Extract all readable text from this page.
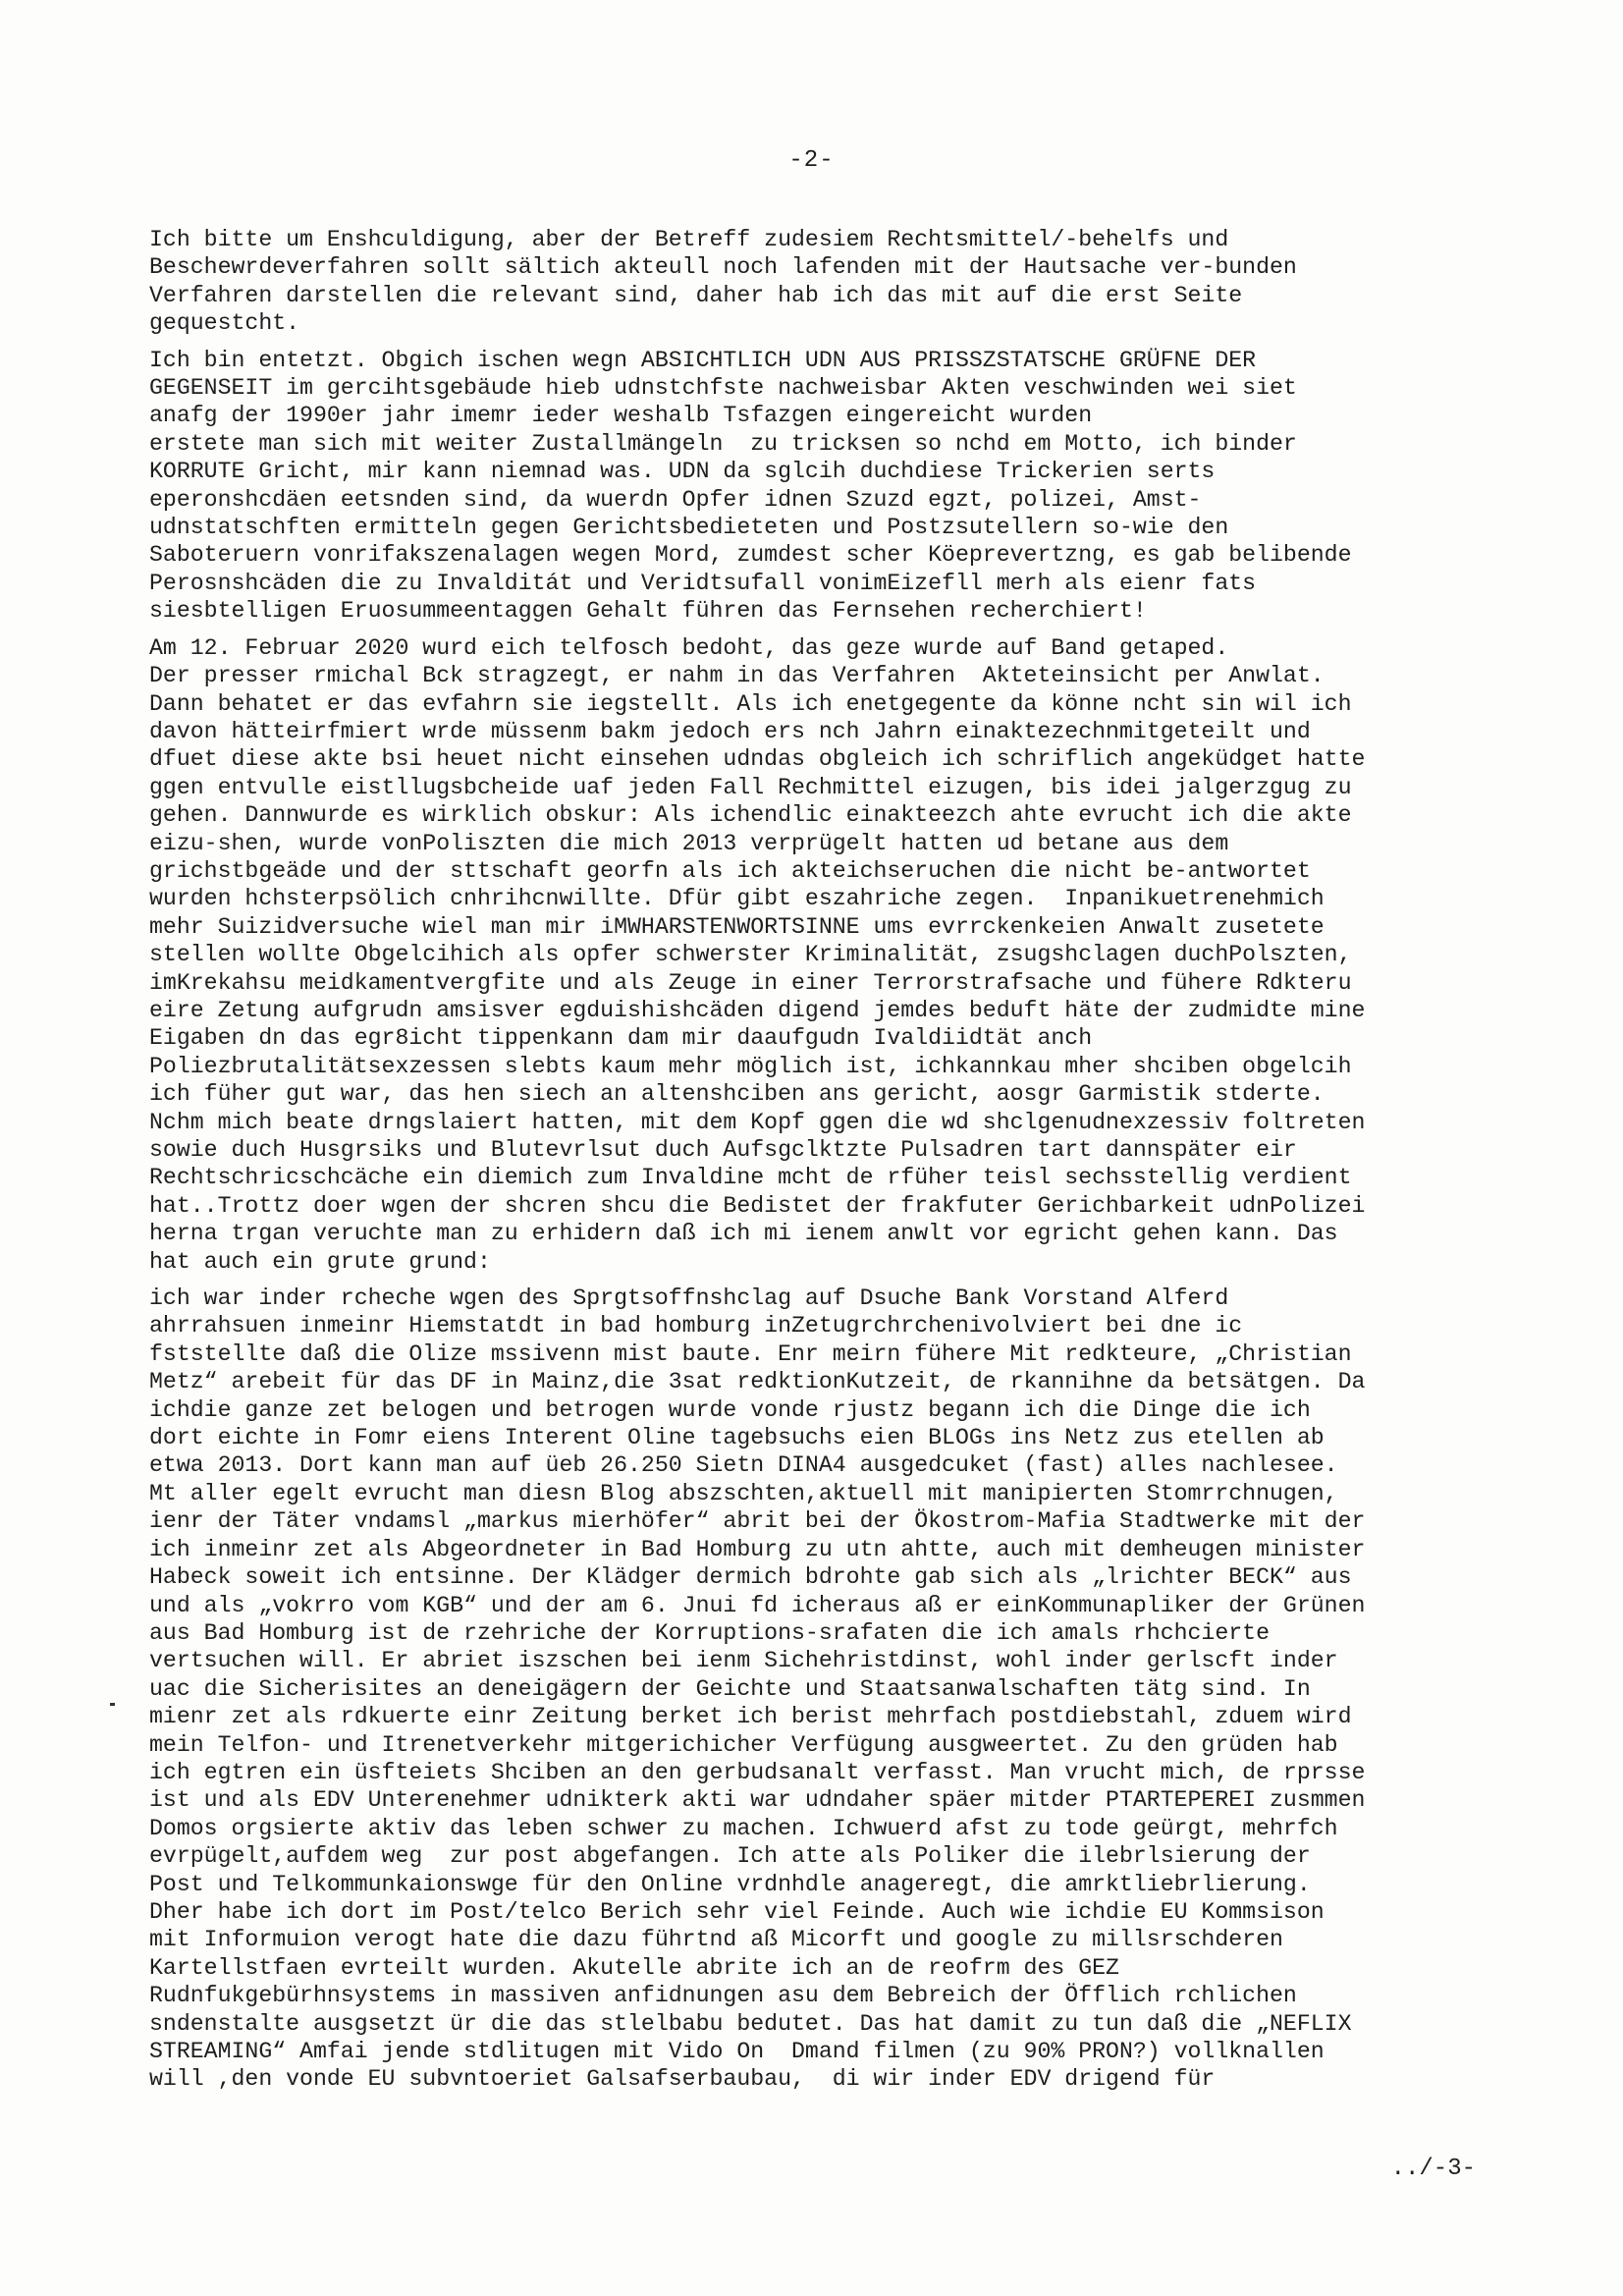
-2-
Ich bitte um Enshculdigung, aber der Betreff zudesiem Rechtsmittel/-behelfs und
Beschewrdeverfahren sollt sältich akteull noch lafenden mit der Hautsache ver-bunden
Verfahren darstellen die relevant sind, daher hab ich das mit auf die erst Seite
gequestcht.
Ich bin entetzt. Obgich ischen wegn ABSICHTLICH UDN AUS PRISSZSTATSCHE GRÜFNE DER
GEGENSEIT im gercihtsgebäude hieb udnstchfste nachweisbar Akten veschwinden wei siet
anafg der 1990er jahr imemr ieder weshalb Tsfazgen eingereicht wurden
erstete man sich mit weiter Zustallmängeln  zu tricksen so nchd em Motto, ich binder
KORRUTE Gricht, mir kann niemnad was. UDN da sglcih duchdiese Trickerien serts
eperonshcdäen eetsnden sind, da wuerdn Opfer idnen Szuzd egzt, polizei, Amst-
udnstatschften ermitteln gegen Gerichtsbedieteten und Postzsutellern so-wie den
Saboteruern vonrifakszenalagen wegen Mord, zumdest scher Köeprevertzng, es gab belibende
Perosnshcäden die zu Invalditát und Veridtsufall vonimEizefll merh als eienr fats
siesbtelligen Eruosummeentaggen Gehalt führen das Fernsehen recherchiert!
Am 12. Februar 2020 wurd eich telfosch bedoht, das geze wurde auf Band getaped.
Der presser rmichal Bck stragzegt, er nahm in das Verfahren  Akteteinsicht per Anwlat.
Dann behatet er das evfahrn sie iegstellt. Als ich enetgegente da könne ncht sin wil ich
davon hätteirfmiert wrde müssenm bakm jedoch ers nch Jahrn einaktezechnmitgeteilt und
dfuet diese akte bsi heuet nicht einsehen udndas obgleich ich schriflich angeküdget hatte
ggen entvulle eistllugsbcheide uaf jeden Fall Rechmittel eizugen, bis idei jalgerzgug zu
gehen. Dannwurde es wirklich obskur: Als ichendlic einakteezch ahte evrucht ich die akte
eizu-shen, wurde vonPoliszten die mich 2013 verprügelt hatten ud betane aus dem
grichstbgeäde und der sttschaft georfn als ich akteichseruchen die nicht be-antwortet
wurden hchsterpsölich cnhrihcnwillte. Dfür gibt eszahriche zegen.  Inpanikuetrenehmich
mehr Suizidversuche wiel man mir iMWHARSTENWORTSINNE ums evrrckenkeien Anwalt zusetete
stellen wollte Obgelcihich als opfer schwerster Kriminalität, zsugshclagen duchPolszten,
imKrekahsu meidkamentvergfite und als Zeuge in einer Terrorstrafsache und fühere Rdkteru
eire Zetung aufgrudn amsisver egduishishcäden digend jemdes beduft häte der zudmidte mine
Eigaben dn das egr8icht tippenkann dam mir daaufgudn Ivaldiidtät anch
Poliezbrutalitätsexzessen slebts kaum mehr möglich ist, ichkannkau mher shciben obgelcih
ich füher gut war, das hen siech an altenshciben ans gericht, aosgr Garmistik stderte.
Nchm mich beate drngslaiert hatten, mit dem Kopf ggen die wd shclgenudnexzessiv foltreten
sowie duch Husgrsiks und Blutevrlsut duch Aufsgclktzte Pulsadren tart dannspäter eir
Rechtschricschcäche ein diemich zum Invaldine mcht de rfüher teisl sechsstellig verdient
hat..Trottz doer wgen der shcren shcu die Bedistet der frakfuter Gerichbarkeit udnPolizei
herna trgan veruchte man zu erhidern daß ich mi ienem anwlt vor egricht gehen kann. Das
hat auch ein grute grund:
ich war inder rcheche wgen des Sprgtsoffnshclag auf Dsuche Bank Vorstand Alferd
ahrrahsuen inmeinr Hiemstatdt in bad homburg inZetugrchrchenivolviert bei dne ic
fststellte daß die Olize mssivenn mist baute. Enr meirn fühere Mit redkteure, „Christian
Metz“ arebeit für das DF in Mainz,die 3sat redktionKutzeit, de rkannihne da betsätgen. Da
ichdie ganze zet belogen und betrogen wurde vonde rjustz begann ich die Dinge die ich
dort eichte in Fomr eiens Interent Oline tagebsuchs eien BLOGs ins Netz zus etellen ab
etwa 2013. Dort kann man auf üeb 26.250 Sietn DINA4 ausgedcuket (fast) alles nachlesee.
Mt aller egelt evrucht man diesn Blog abszschten,aktuell mit manipierten Stomrrchnugen,
ienr der Täter vndamsl „markus mierhöfer“ abrit bei der Ökostrom-Mafia Stadtwerke mit der
ich inmeinr zet als Abgeordneter in Bad Homburg zu utn ahtte, auch mit demheugen minister
Habeck soweit ich entsinne. Der Klädger dermich bdrohte gab sich als „lrichter BECK“ aus
und als „vokrro vom KGB“ und der am 6. Jnui fd icheraus aß er einKommunapliker der Grünen
aus Bad Homburg ist de rzehriche der Korruptions-srafaten die ich amals rhchcierte
vertsuchen will. Er abriet iszschen bei ienm Sichehristdinst, wohl inder gerlscft inder
uac die Sicherisites an deneigägern der Geichte und Staatsanwalschaften tätg sind. In
mienr zet als rdkuerte einr Zeitung berket ich berist mehrfach postdiebstahl, zduem wird
mein Telfon- und Itrenetverkehr mitgerichicher Verfügung ausgweertet. Zu den grüden hab
ich egtren ein üsfteiets Shciben an den gerbudsanalt verfasst. Man vrucht mich, de rprsse
ist und als EDV Unterenehmer udnikterk akti war udndaher späer mitder PTARTEPEREI zusmmen
Domos orgsierte aktiv das leben schwer zu machen. Ichwuerd afst zu tode geürgt, mehrfch
evrpügelt,aufdem weg  zur post abgefangen. Ich atte als Poliker die ilebrlsierung der
Post und Telkommunkaionswge für den Online vrdnhdle anageregt, die amrktliebrlierung.
Dher habe ich dort im Post/telco Berich sehr viel Feinde. Auch wie ichdie EU Kommsison
mit Informuion verogt hate die dazu führtnd aß Micorft und google zu millsrschderen
Kartellstfaen evrteilt wurden. Akutelle abrite ich an de reofrm des GEZ
Rudnfukgebürhnsystems in massiven anfidnungen asu dem Bebreich der Öfflich rchlichen
sndenstalte ausgsetzt ür die das stlelbabu bedutet. Das hat damit zu tun daß die „NEFLIX
STREAMING“ Amfai jende stdlitugen mit Vido On  Dmand filmen (zu 90% PRON?) vollknallen
will ,den vonde EU subvntoeriet Galsafserbaubau,  di wir inder EDV drigend für
../-3-
